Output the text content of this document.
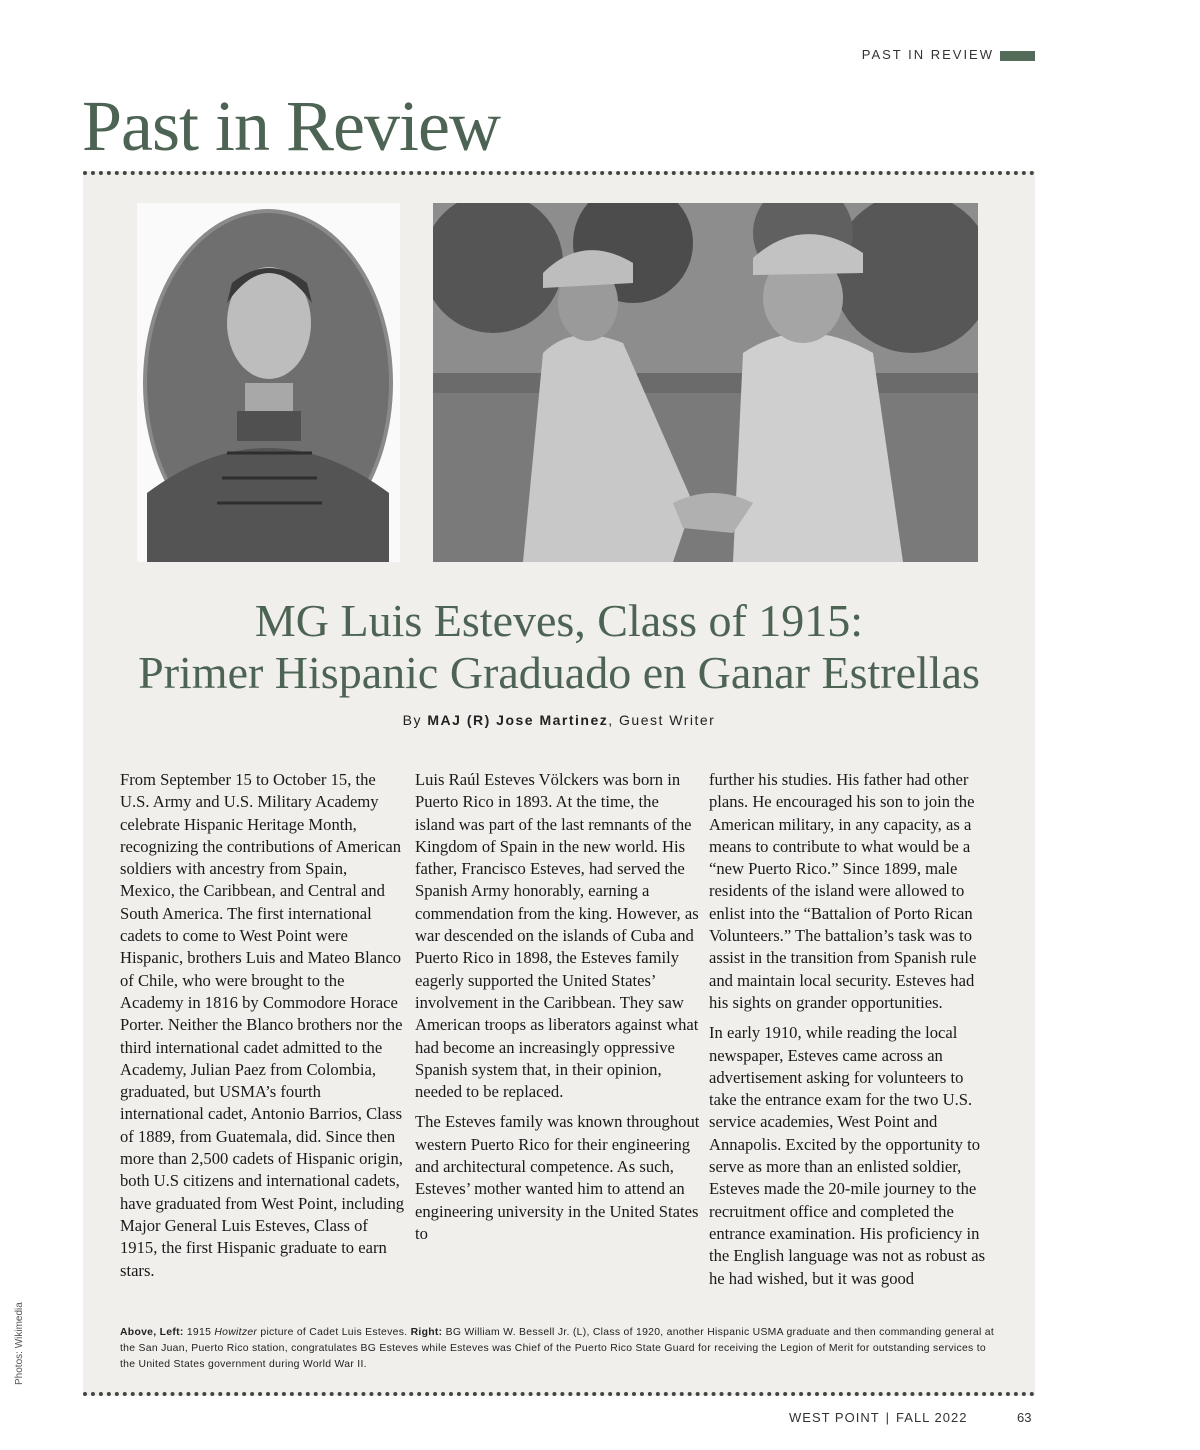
PAST IN REVIEW
Past in Review
MG Luis Esteves, Class of 1915:
Primer Hispanic Graduado en Ganar Estrellas
By MAJ (R) Jose Martinez, Guest Writer

From September 15 to October 15, the U.S. Army and U.S. Military Academy celebrate Hispanic Heritage Month, recognizing the contributions of American soldiers with ancestry from Spain, Mexico, the Caribbean, and Central and South America. The first international cadets to come to West Point were Hispanic, brothers Luis and Mateo Blanco of Chile, who were brought to the Academy in 1816 by Commodore Horace Porter. Neither the Blanco brothers nor the third international cadet admitted to the Academy, Julian Paez from Colombia, graduated, but USMA’s fourth international cadet, Antonio Barrios, Class of 1889, from Guatemala, did. Since then more than 2,500 cadets of Hispanic origin, both U.S citizens and international cadets, have graduated from West Point, including Major General Luis Esteves, Class of 1915, the first Hispanic graduate to earn stars.

Luis Raúl Esteves Völckers was born in Puerto Rico in 1893. At the time, the island was part of the last remnants of the Kingdom of Spain in the new world. His father, Francisco Esteves, had served the Spanish Army honorably, earning a commendation from the king. However, as war descended on the islands of Cuba and Puerto Rico in 1898, the Esteves family eagerly supported the United States’ involvement in the Caribbean. They saw American troops as liberators against what had become an increasingly oppressive Spanish system that, in their opinion, needed to be replaced.

The Esteves family was known throughout western Puerto Rico for their engineering and architectural competence. As such, Esteves’ mother wanted him to attend an engineering university in the United States to

further his studies. His father had other plans. He encouraged his son to join the American military, in any capacity, as a means to contribute to what would be a “new Puerto Rico.” Since 1899, male residents of the island were allowed to enlist into the “Battalion of Porto Rican Volunteers.” The battalion’s task was to assist in the transition from Spanish rule and maintain local security. Esteves had his sights on grander opportunities.

In early 1910, while reading the local newspaper, Esteves came across an advertisement asking for volunteers to take the entrance exam for the two U.S. service academies, West Point and Annapolis. Excited by the opportunity to serve as more than an enlisted soldier, Esteves made the 20-mile journey to the recruitment office and completed the entrance examination. His proficiency in the English language was not as robust as he had wished, but it was good

Above, Left: 1915 Howitzer picture of Cadet Luis Esteves. Right: BG William W. Bessell Jr. (L), Class of 1920, another Hispanic USMA graduate and then commanding general at the San Juan, Puerto Rico station, congratulates BG Esteves while Esteves was Chief of the Puerto Rico State Guard for receiving the Legion of Merit for outstanding services to the United States government during World War II.
Photos: Wikimedia
WEST POINT | FALL 2022	63
